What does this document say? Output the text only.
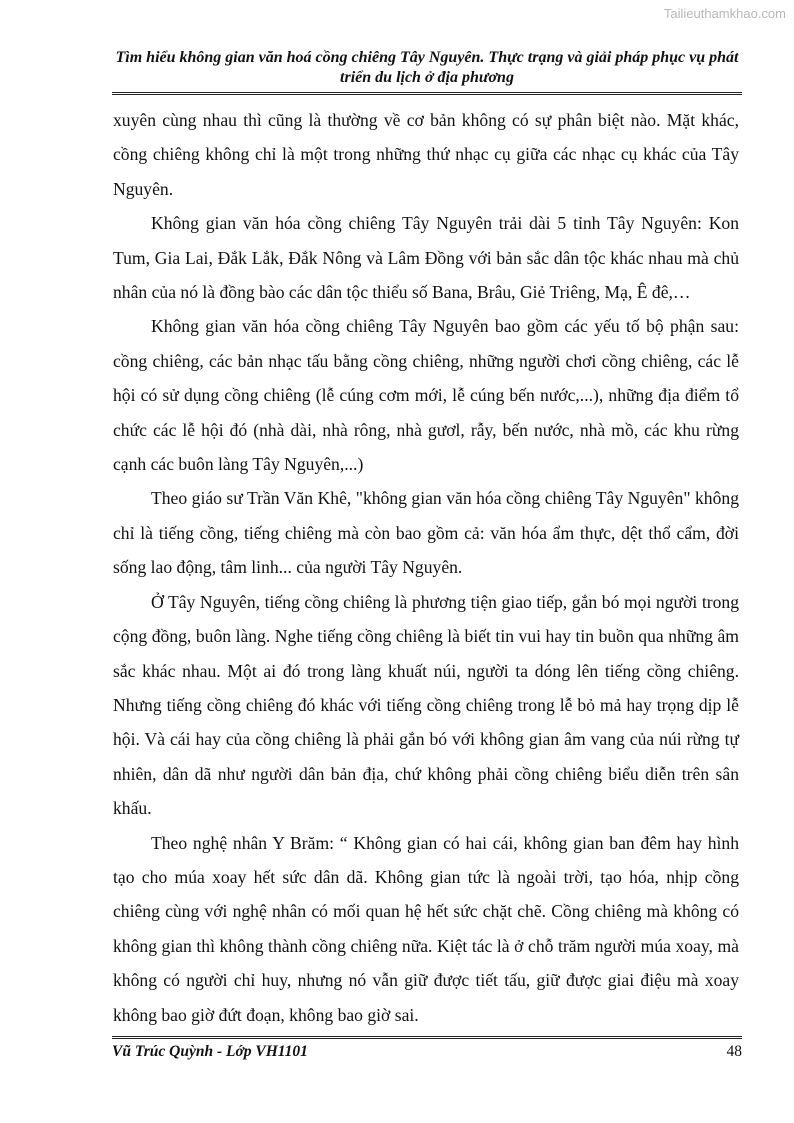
Tailieuthamkhao.com
Tìm hiểu không gian văn hoá cồng chiêng Tây Nguyên. Thực trạng và giải pháp phục vụ phát triển du lịch ở địa phương

xuyên cùng nhau thì cũng là thường về cơ bản không có sự phân biệt nào. Mặt khác, cồng chiêng không chỉ là một trong những thứ nhạc cụ giữa các nhạc cụ khác của Tây Nguyên.

Không gian văn hóa cồng chiêng Tây Nguyên trải dài 5 tỉnh Tây Nguyên: Kon Tum, Gia Lai, Đắk Lắk, Đắk Nông và Lâm Đồng với bản sắc dân tộc khác nhau mà chủ nhân của nó là đồng bào các dân tộc thiểu số Bana, Brâu, Giẻ Triêng, Mạ, Ê đê,…

Không gian văn hóa cồng chiêng Tây Nguyên bao gồm các yếu tố bộ phận sau: cồng chiêng, các bản nhạc tấu bằng cồng chiêng, những người chơi cồng chiêng, các lễ hội có sử dụng cồng chiêng (lễ cúng cơm mới, lễ cúng bến nước,...), những địa điểm tổ chức các lễ hội đó (nhà dài, nhà rông, nhà gươl, rẫy, bến nước, nhà mồ, các khu rừng cạnh các buôn làng Tây Nguyên,...)

Theo giáo sư Trần Văn Khê, "không gian văn hóa cồng chiêng Tây Nguyên" không chỉ là tiếng cồng, tiếng chiêng mà còn bao gồm cả: văn hóa ẩm thực, dệt thổ cẩm, đời sống lao động, tâm linh... của người Tây Nguyên.

Ở Tây Nguyên, tiếng cồng chiêng là phương tiện giao tiếp, gắn bó mọi người trong cộng đồng, buôn làng. Nghe tiếng cồng chiêng là biết tin vui hay tin buồn qua những âm sắc khác nhau. Một ai đó trong làng khuất núi, người ta dóng lên tiếng cồng chiêng. Nhưng tiếng cồng chiêng đó khác với tiếng cồng chiêng trong lễ bỏ mả hay trọng dịp lễ hội. Và cái hay của cồng chiêng là phải gắn bó với không gian âm vang của núi rừng tự nhiên, dân dã như người dân bản địa, chứ không phải cồng chiêng biểu diễn trên sân khấu.

Theo nghệ nhân Y Brăm: “ Không gian có hai cái, không gian ban đêm hay hình tạo cho múa xoay hết sức dân dã. Không gian tức là ngoài trời, tạo hóa, nhịp cồng chiêng cùng với nghệ nhân có mối quan hệ hết sức chặt chẽ. Cồng chiêng mà không có không gian thì không thành cồng chiêng nữa. Kiệt tác là ở chỗ trăm người múa xoay, mà không có người chỉ huy, nhưng nó vẫn giữ được tiết tấu, giữ được giai điệu mà xoay không bao giờ đứt đoạn, không bao giờ sai.

Vũ Trúc Quỳnh - Lớp VH1101	48
